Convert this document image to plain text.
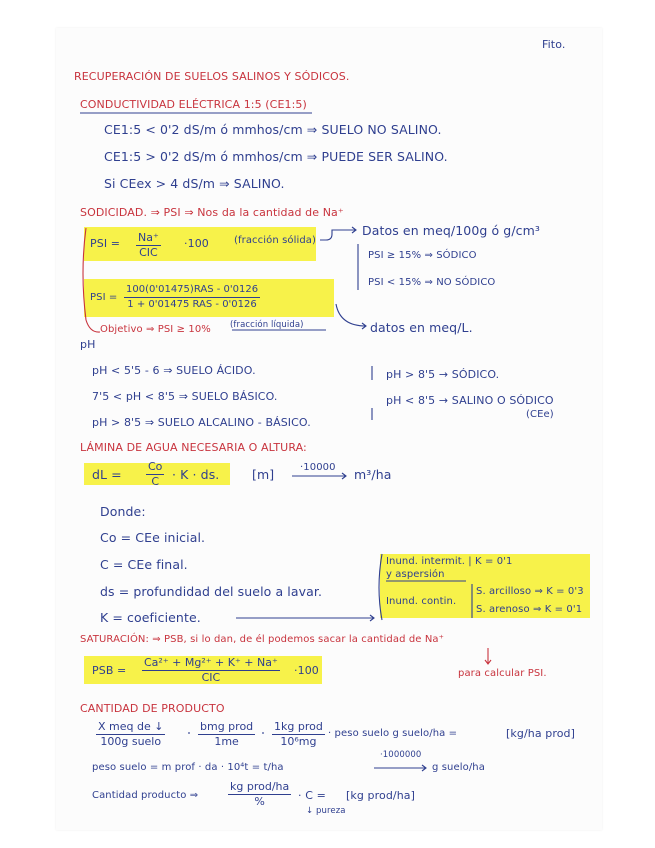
Fito.
RECUPERACIÓN DE SUELOS SALINOS Y SÓDICOS.
CONDUCTIVIDAD ELÉCTRICA 1:5 (CE1:5)
CE1:5 < 0'2 dS/m ó mmhos/cm ⇒ SUELO NO SALINO.
CE1:5 > 0'2 dS/m ó mmhos/cm ⇒ PUEDE SER SALINO.
Si CEex > 4 dS/m ⇒ SALINO.
SODICIDAD. ⇒ PSI ⇒ Nos da la cantidad de Na⁺
PSI = Na⁺
CIC
·100	(fracción sólida)
Datos en meq/100g ó g/cm³
PSI =
100(0'01475)RAS - 0'0126
1 + 0'01475 RAS - 0'0126
(fracción líquida)	datos en meq/L.
PSI ≥ 15% ⇒ SÓDICO
PSI < 15% ⇒ NO SÓDICO
Objetivo ⇒ PSI ≥ 10%
pH
pH < 5'5 - 6 ⇒ SUELO ÁCIDO.
7'5 < pH < 8'5 ⇒ SUELO BÁSICO.
pH > 8'5 ⇒ SUELO ALCALINO - BÁSICO.
pH > 8'5 → SÓDICO.
pH < 8'5 → SALINO O SÓDICO
(CEe)
LÁMINA DE AGUA NECESARIA O ALTURA:
dL = $\frac{Co}{C} \cdot K$ · ds.	[m]	·10000 m³/ha
Donde:
Co = CEe inicial.
C = CEe final.
ds = profundidad del suelo a lavar.
K = coeficiente.
Inund. intermit. | K = 0'1
y aspersión
Inund. contin.
S. arcilloso ⇒ K = 0'3
S. arenoso ⇒ K = 0'1
SATURACIÓN: ⇒ PSB, si lo dan, de él podemos sacar la cantidad de Na⁺
PSB =
Ca²⁺ + Mg²⁺ + K⁺ + Na⁺
CIC
·100	para calcular PSI.
CANTIDAD DE PRODUCTO
X meq de ↓
100g suelo
bmg prod
1me
1kg prod
10⁶mg
· peso suelo g suelo/ha =	[kg/ha prod]
peso suelo = m prof · da · 10⁴t = t/ha
·1000000
g suelo/ha
Cantidad producto ⇒
kg prod/ha
%	· C = [kg prod/ha]
↓ pureza
